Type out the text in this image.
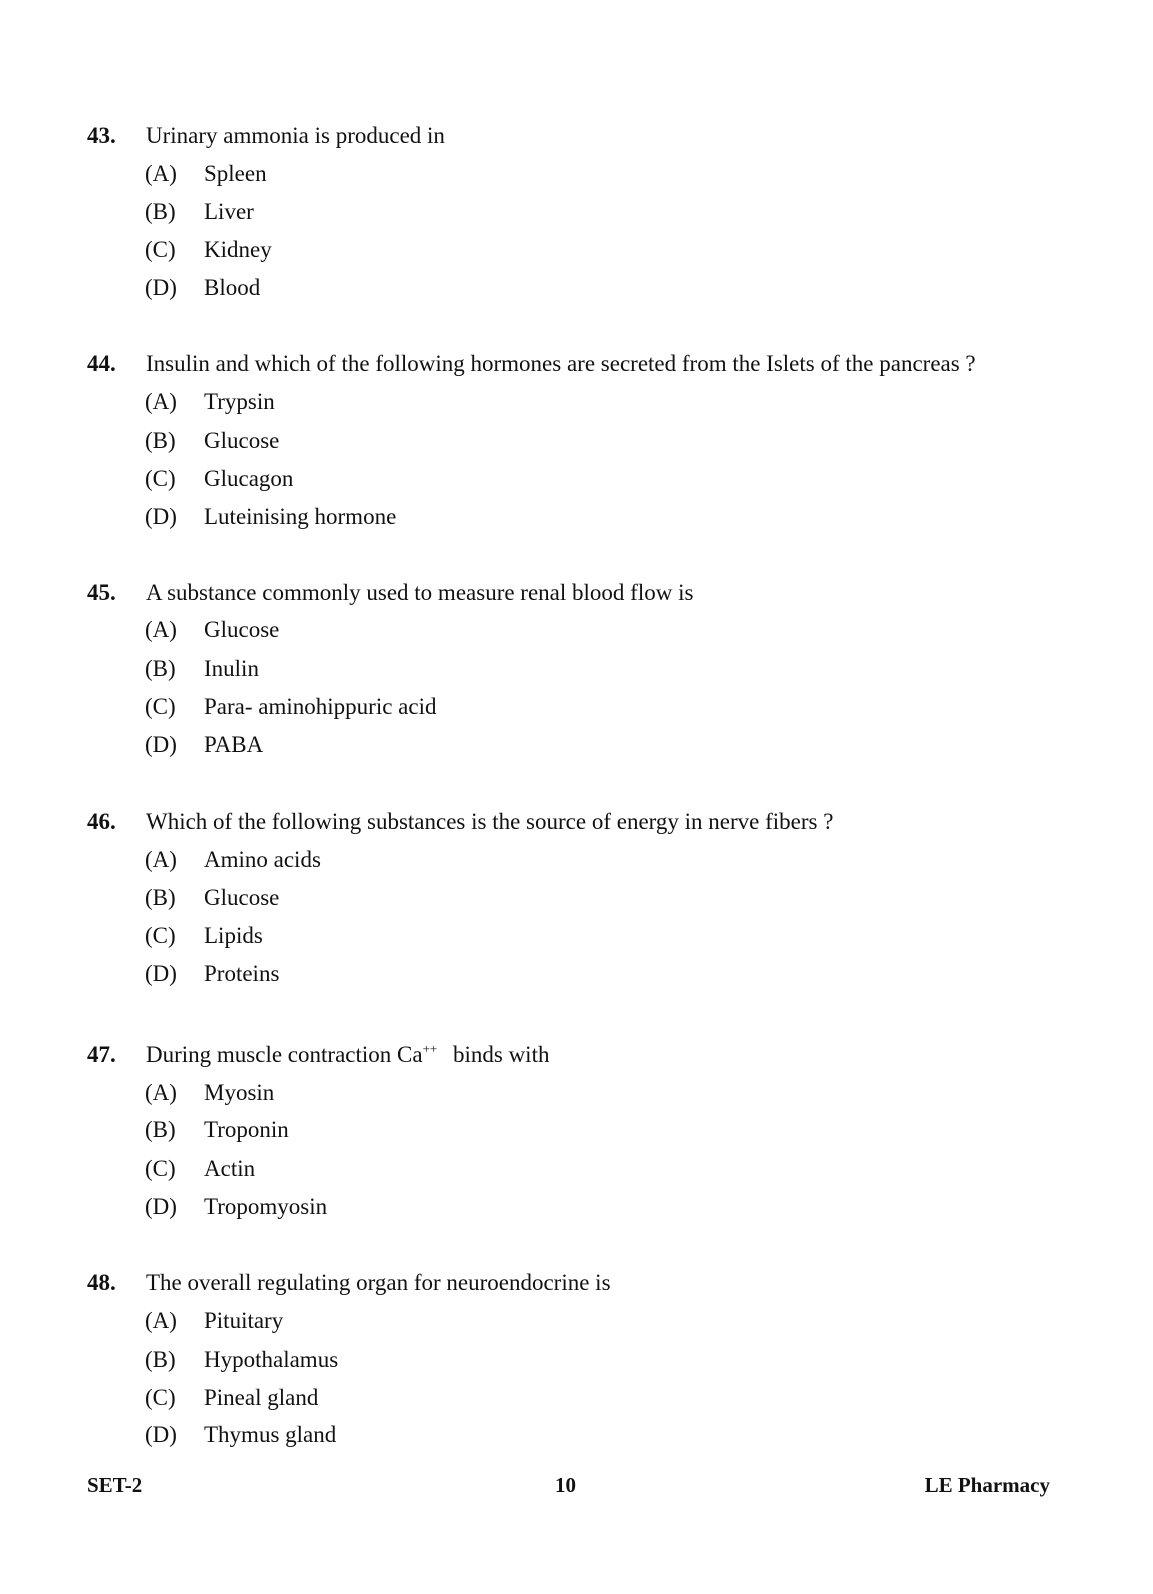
43. Urinary ammonia is produced in
(A) Spleen
(B) Liver
(C) Kidney
(D) Blood
44. Insulin and which of the following hormones are secreted from the Islets of the pancreas ?
(A) Trypsin
(B) Glucose
(C) Glucagon
(D) Luteinising hormone
45. A substance commonly used to measure renal blood flow is
(A) Glucose
(B) Inulin
(C) Para- aminohippuric acid
(D) PABA
46. Which of the following substances is the source of energy in nerve fibers ?
(A) Amino acids
(B) Glucose
(C) Lipids
(D) Proteins
47. During muscle contraction Ca++ binds with
(A) Myosin
(B) Troponin
(C) Actin
(D) Tropomyosin
48. The overall regulating organ for neuroendocrine is
(A) Pituitary
(B) Hypothalamus
(C) Pineal gland
(D) Thymus gland
SET-2	10	LE Pharmacy
